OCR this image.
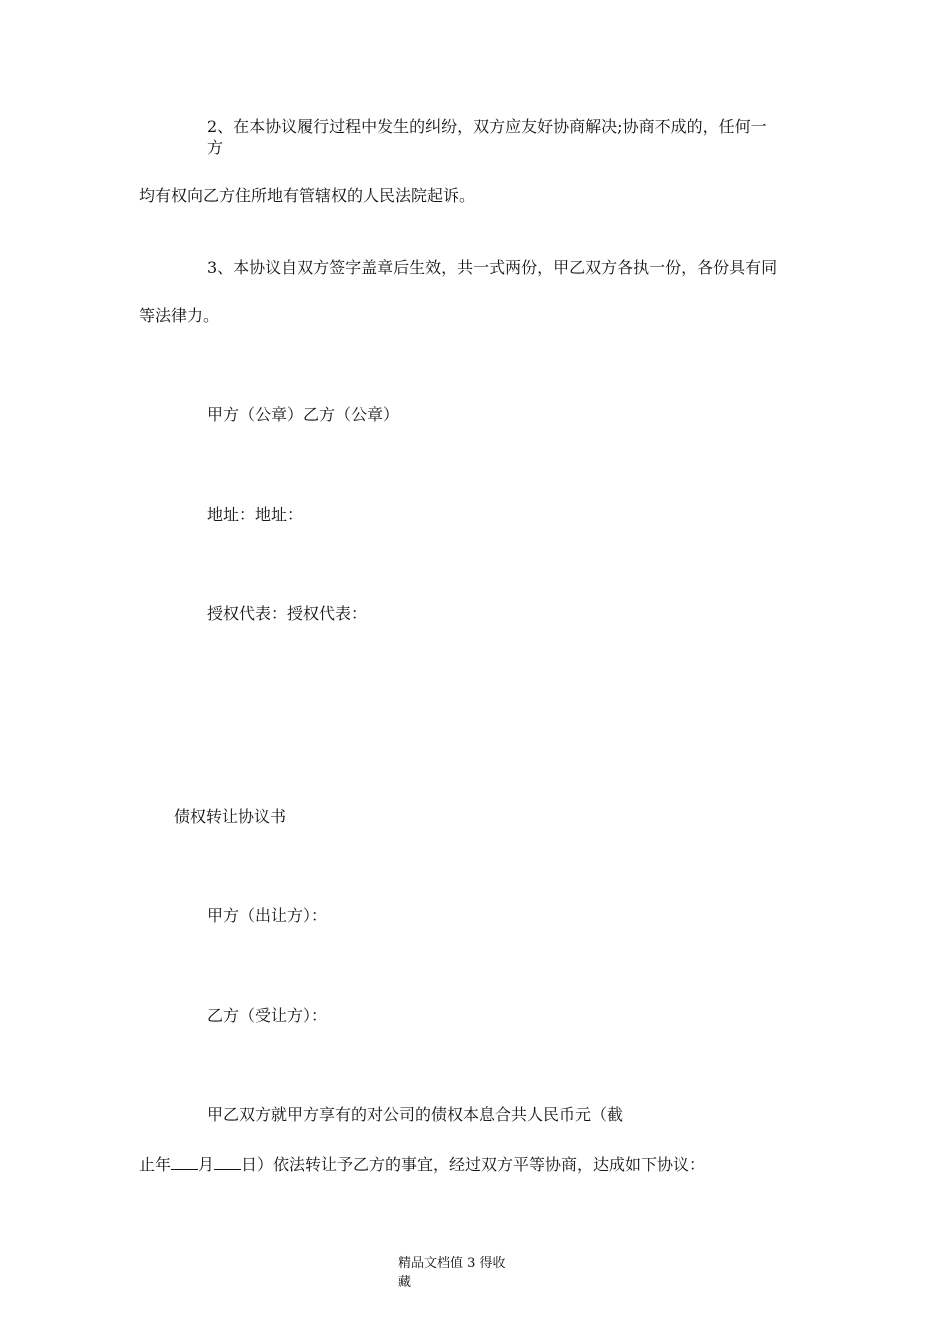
2、在本协议履行过程中发生的纠纷，双方应友好协商解决;协商不成的，任何一

方

均有权向乙方住所地有管辖权的人民法院起诉。

3、本协议自双方签字盖章后生效，共一式两份，甲乙双方各执一份，各份具有同

等法律力。

甲方（公章）乙方（公章）

地址：地址：

授权代表：授权代表：

债权转让协议书

甲方（出让方）：

乙方（受让方）：

甲乙双方就甲方享有的对公司的债权本息合共人民币元（截

止年 月 日）依法转让予乙方的事宜，经过双方平等协商，达成如下协议：

精品文档值 3 得收藏
